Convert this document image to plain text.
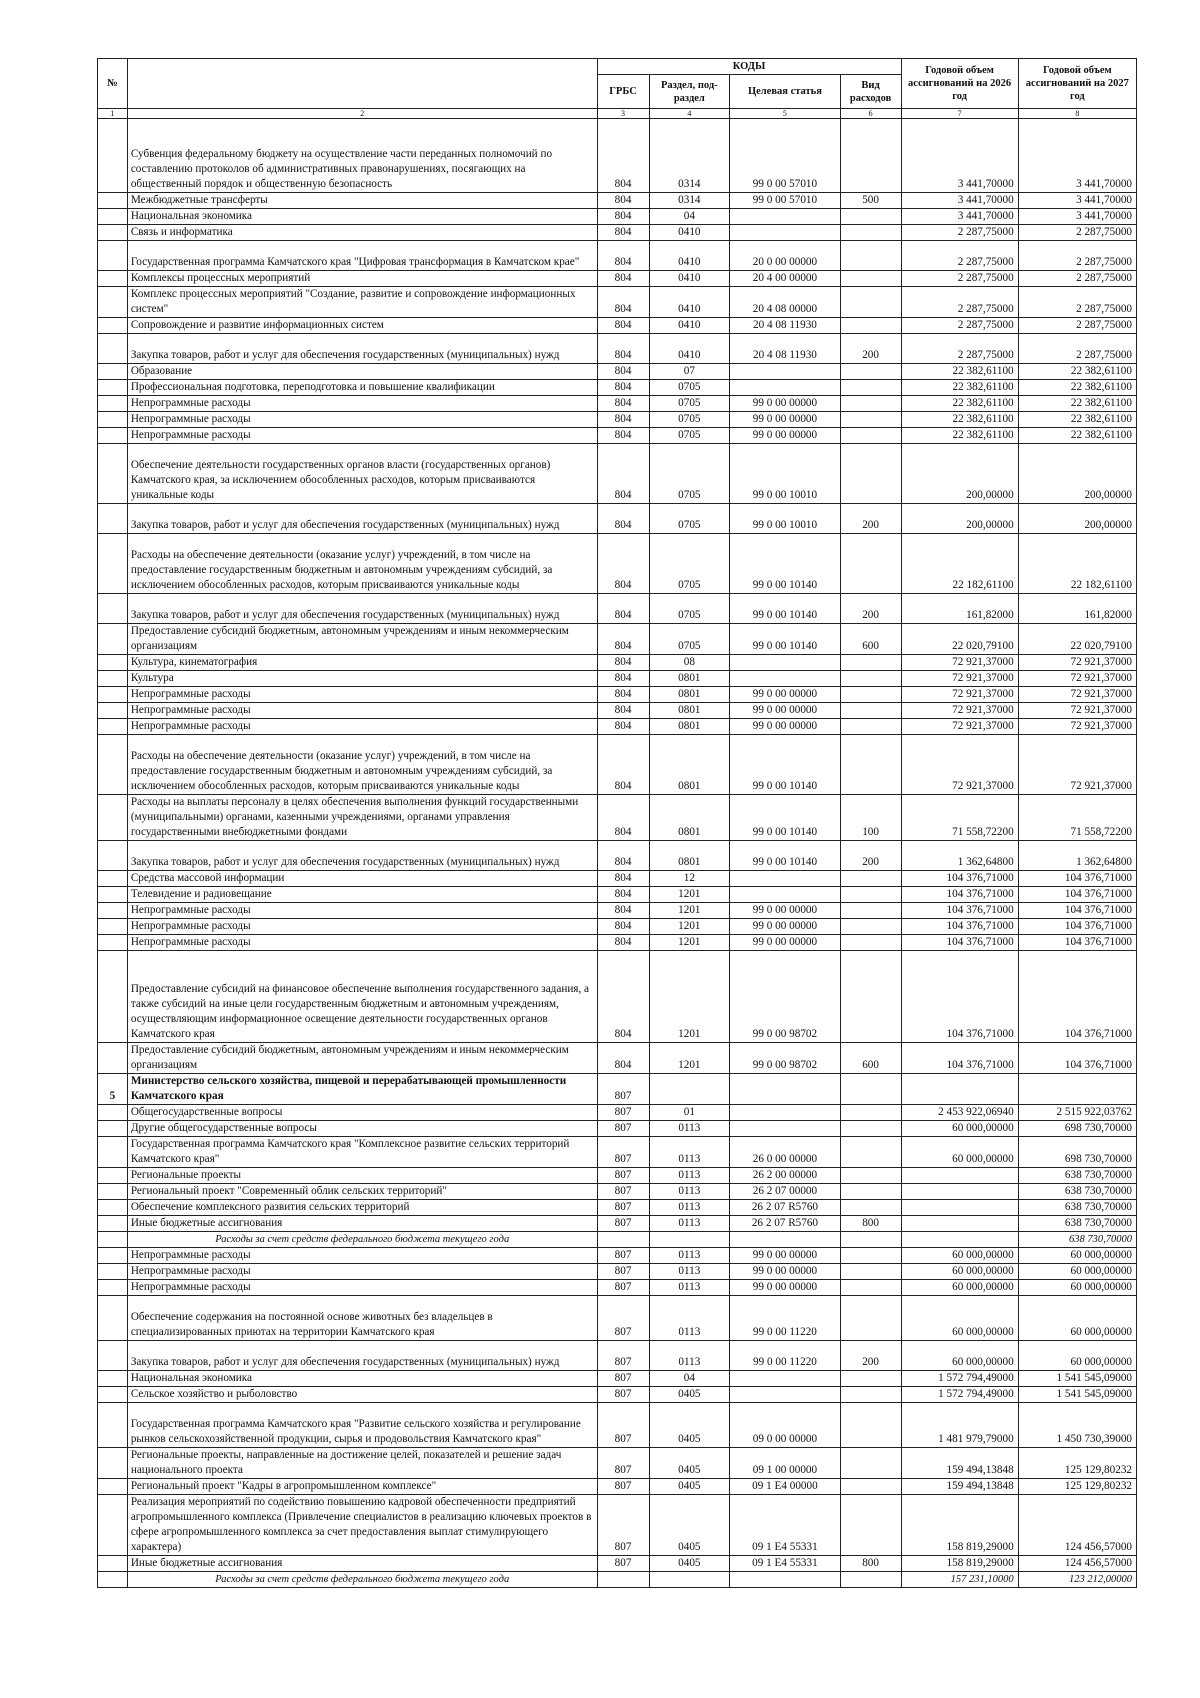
№		КОДЫ				Годовой объем ассигнований на 2026 год	Годовой объем ассигнований на 2027 год
		ГРБС	Раздел, под-раздел	Целевая статья	Вид расходов		
1	2	3	4	5	6	7	8
	Субвенция федеральному бюджету на осуществление части переданных полномочий по составлению протоколов об административных правонарушениях, посягающих на общественный порядок и общественную безопасность	804	0314	99 0 00 57010		3 441,70000	3 441,70000
	Межбюджетные трансферты	804	0314	99 0 00 57010	500	3 441,70000	3 441,70000
	Национальная экономика	804	04			3 441,70000	3 441,70000
	Связь и информатика	804	0410			2 287,75000	2 287,75000
	Государственная программа Камчатского края "Цифровая трансформация в Камчатском крае"	804	0410	20 0 00 00000		2 287,75000	2 287,75000
	Комплексы процессных мероприятий	804	0410	20 4 00 00000		2 287,75000	2 287,75000
	Комплекс процессных мероприятий "Создание, развитие и сопровождение информационных систем"	804	0410	20 4 08 00000		2 287,75000	2 287,75000
	Сопровождение и развитие информационных систем	804	0410	20 4 08 11930		2 287,75000	2 287,75000
	Закупка товаров, работ и услуг для обеспечения государственных (муниципальных) нужд	804	0410	20 4 08 11930	200	2 287,75000	2 287,75000
	Образование	804	07			22 382,61100	22 382,61100
	Профессиональная подготовка, переподготовка и повышение квалификации	804	0705			22 382,61100	22 382,61100
	Непрограммные расходы	804	0705	99 0 00 00000		22 382,61100	22 382,61100
	Непрограммные расходы	804	0705	99 0 00 00000		22 382,61100	22 382,61100
	Непрограммные расходы	804	0705	99 0 00 00000		22 382,61100	22 382,61100
	Обеспечение деятельности государственных органов власти (государственных органов) Камчатского края, за исключением обособленных расходов, которым присваиваются уникальные коды	804	0705	99 0 00 10010		200,00000	200,00000
	Закупка товаров, работ и услуг для обеспечения государственных (муниципальных) нужд	804	0705	99 0 00 10010	200	200,00000	200,00000
	Расходы на обеспечение деятельности (оказание услуг) учреждений, в том числе на предоставление государственным бюджетным и автономным учреждениям субсидий, за исключением обособленных расходов, которым присваиваются уникальные коды	804	0705	99 0 00 10140		22 182,61100	22 182,61100
	Закупка товаров, работ и услуг для обеспечения государственных (муниципальных) нужд	804	0705	99 0 00 10140	200	161,82000	161,82000
	Предоставление субсидий бюджетным, автономным учреждениям и иным некоммерческим организациям	804	0705	99 0 00 10140	600	22 020,79100	22 020,79100
	Культура, кинематография	804	08			72 921,37000	72 921,37000
	Культура	804	0801			72 921,37000	72 921,37000
	Непрограммные расходы	804	0801	99 0 00 00000		72 921,37000	72 921,37000
	Непрограммные расходы	804	0801	99 0 00 00000		72 921,37000	72 921,37000
	Непрограммные расходы	804	0801	99 0 00 00000		72 921,37000	72 921,37000
	Расходы на обеспечение деятельности (оказание услуг) учреждений, в том числе на предоставление государственным бюджетным и автономным учреждениям субсидий, за исключением обособленных расходов, которым присваиваются уникальные коды	804	0801	99 0 00 10140		72 921,37000	72 921,37000
	Расходы на выплаты персоналу в целях обеспечения выполнения функций государственными (муниципальными) органами, казенными учреждениями, органами управления государственными внебюджетными фондами	804	0801	99 0 00 10140	100	71 558,72200	71 558,72200
	Закупка товаров, работ и услуг для обеспечения государственных (муниципальных) нужд	804	0801	99 0 00 10140	200	1 362,64800	1 362,64800
	Средства массовой информации	804	12			104 376,71000	104 376,71000
	Телевидение и радиовещание	804	1201			104 376,71000	104 376,71000
	Непрограммные расходы	804	1201	99 0 00 00000		104 376,71000	104 376,71000
	Непрограммные расходы	804	1201	99 0 00 00000		104 376,71000	104 376,71000
	Непрограммные расходы	804	1201	99 0 00 00000		104 376,71000	104 376,71000
	Предоставление субсидий на финансовое обеспечение выполнения государственного задания, а также субсидий на иные цели государственным бюджетным и автономным учреждениям, осуществляющим информационное освещение деятельности государственных органов Камчатского края	804	1201	99 0 00 98702		104 376,71000	104 376,71000
	Предоставление субсидий бюджетным, автономным учреждениям и иным некоммерческим организациям	804	1201	99 0 00 98702	600	104 376,71000	104 376,71000
5	Министерство сельского хозяйства, пищевой и перерабатывающей промышленности Камчатского края	807					
	Общегосударственные вопросы	807	01			2 453 922,06940	2 515 922,03762
	Другие общегосударственные вопросы	807	0113			60 000,00000	698 730,70000
	Государственная программа Камчатского края "Комплексное развитие сельских территорий Камчатского края"	807	0113	26 0 00 00000		60 000,00000	698 730,70000
	Региональные проекты	807	0113	26 2 00 00000			638 730,70000
	Региональный проект "Современный облик сельских территорий"	807	0113	26 2 07 00000			638 730,70000
	Обеспечение комплексного развития сельских территорий	807	0113	26 2 07 R5760			638 730,70000
	Иные бюджетные ассигнования	807	0113	26 2 07 R5760	800		638 730,70000
	Расходы за счет средств федерального бюджета текущего года						638 730,70000
	Непрограммные расходы	807	0113	99 0 00 00000		60 000,00000	60 000,00000
	Непрограммные расходы	807	0113	99 0 00 00000		60 000,00000	60 000,00000
	Непрограммные расходы	807	0113	99 0 00 00000		60 000,00000	60 000,00000
	Обеспечение содержания на постоянной основе животных без владельцев в специализированных приютах на территории Камчатского края	807	0113	99 0 00 11220		60 000,00000	60 000,00000
	Закупка товаров, работ и услуг для обеспечения государственных (муниципальных) нужд	807	0113	99 0 00 11220	200	60 000,00000	60 000,00000
	Национальная экономика	807	04			1 572 794,49000	1 541 545,09000
	Сельское хозяйство и рыболовство	807	0405			1 572 794,49000	1 541 545,09000
	Государственная программа Камчатского края "Развитие сельского хозяйства и регулирование рынков сельскохозяйственной продукции, сырья и продовольствия Камчатского края"	807	0405	09 0 00 00000		1 481 979,79000	1 450 730,39000
	Региональные проекты, направленные на достижение целей, показателей и решение задач национального проекта	807	0405	09 1 00 00000		159 494,13848	125 129,80232
	Региональный проект "Кадры в агропромышленном комплексе"	807	0405	09 1 E4 00000		159 494,13848	125 129,80232
	Реализация мероприятий по содействию повышению кадровой обеспеченности предприятий агропромышленного комплекса (Привлечение специалистов в реализацию ключевых проектов в сфере агропромышленного комплекса за счет предоставления выплат стимулирующего характера)	807	0405	09 1 E4 55331		158 819,29000	124 456,57000
	Иные бюджетные ассигнования	807	0405	09 1 E4 55331	800	158 819,29000	124 456,57000
	Расходы за счет средств федерального бюджета текущего года					157 231,10000	123 212,00000
